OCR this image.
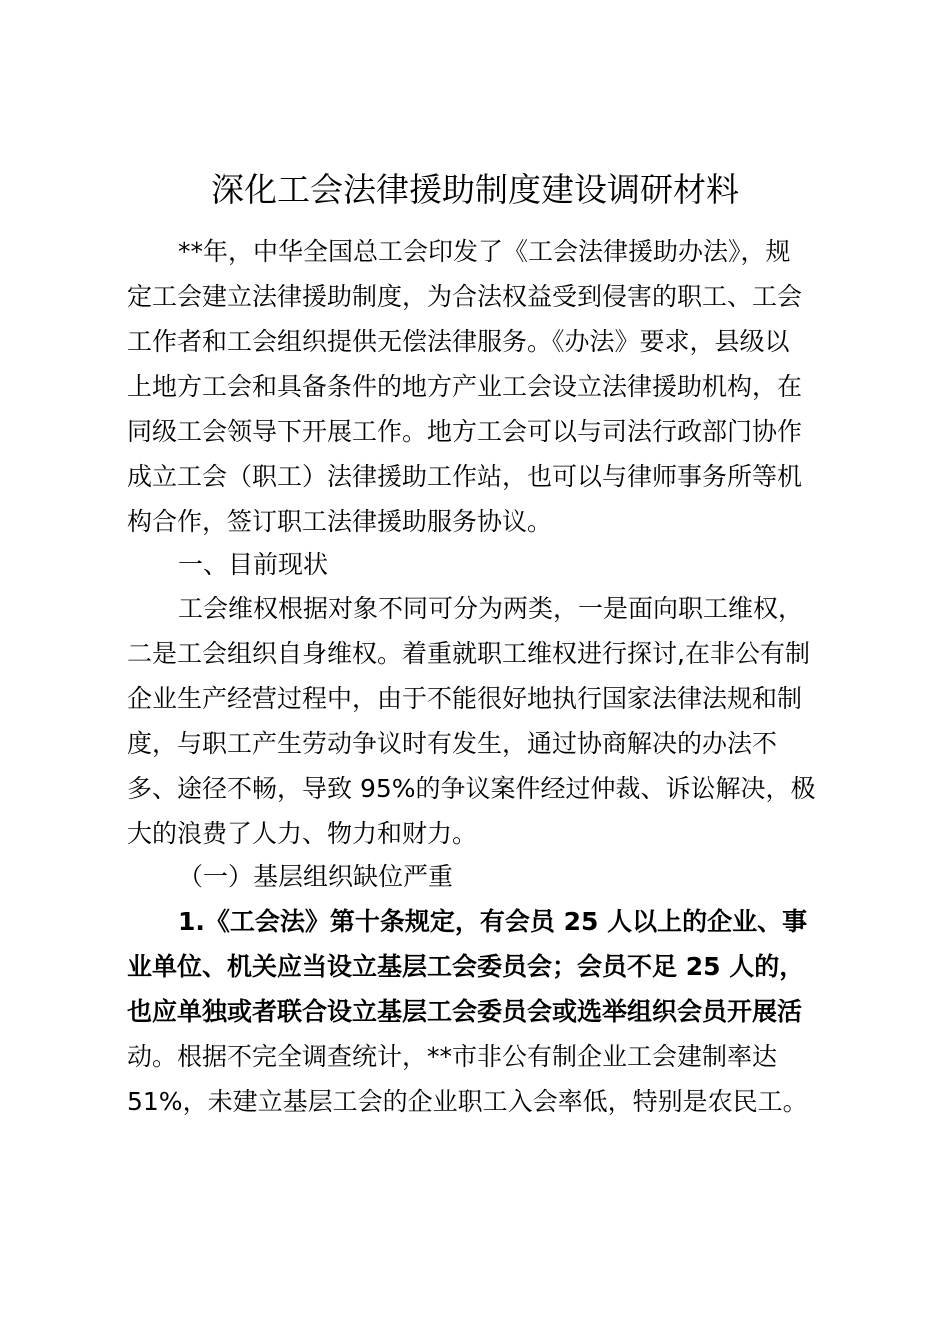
深化工会法律援助制度建设调研材料
**年，中华全国总工会印发了《工会法律援助办法》，规
定工会建立法律援助制度，为合法权益受到侵害的职工、工会
工作者和工会组织提供无偿法律服务。《办法》要求，县级以
上地方工会和具备条件的地方产业工会设立法律援助机构，在
同级工会领导下开展工作。地方工会可以与司法行政部门协作
成立工会（职工）法律援助工作站，也可以与律师事务所等机
构合作，签订职工法律援助服务协议。
一、目前现状
工会维权根据对象不同可分为两类，一是面向职工维权，
二是工会组织自身维权。着重就职工维权进行探讨,在非公有制
企业生产经营过程中，由于不能很好地执行国家法律法规和制
度，与职工产生劳动争议时有发生，通过协商解决的办法不
多、途径不畅，导致 95%的争议案件经过仲裁、诉讼解决，极
大的浪费了人力、物力和财力。
（一）基层组织缺位严重
1.《工会法》第十条规定，有会员 25 人以上的企业、事
业单位、机关应当设立基层工会委员会；会员不足 25 人的，
也应单独或者联合设立基层工会委员会或选举组织会员开展活
动。根据不完全调查统计，**市非公有制企业工会建制率达
51%，未建立基层工会的企业职工入会率低，特别是农民工。
